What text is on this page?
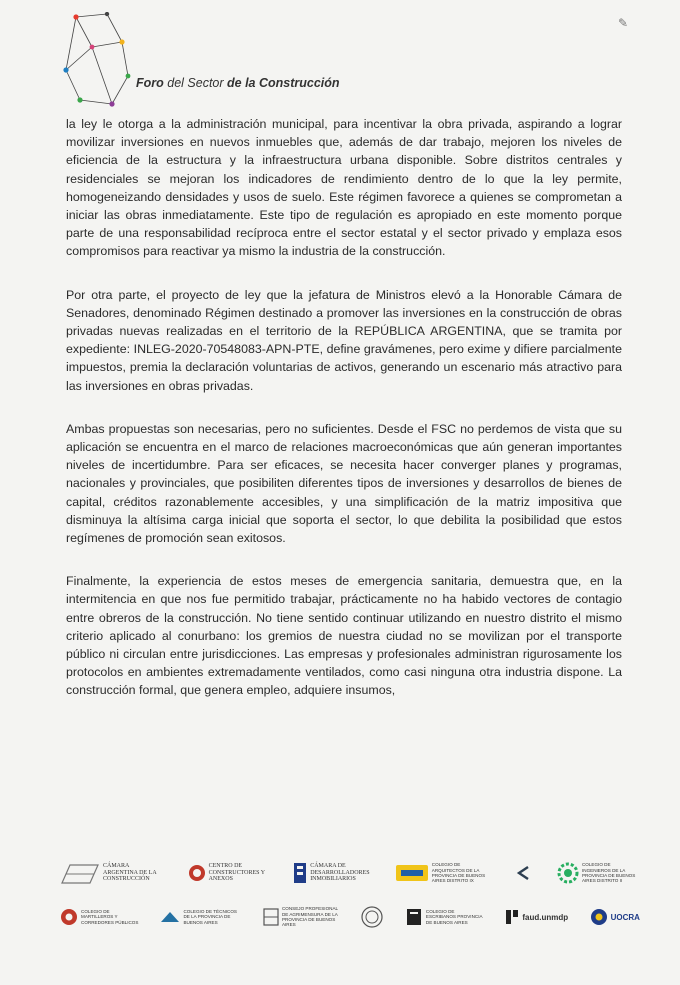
Foro del Sector de la Construcción
✎

la ley le otorga a la administración municipal, para incentivar la obra privada, aspirando a lograr movilizar inversiones en nuevos inmuebles que, además de dar trabajo, mejoren los niveles de eficiencia de la estructura y la infraestructura urbana disponible. Sobre distritos centrales y residenciales se mejoran los indicadores de rendimiento dentro de lo que la ley permite, homogeneizando densidades y usos de suelo. Este régimen favorece a quienes se comprometan a iniciar las obras inmediatamente. Este tipo de regulación es apropiado en este momento porque parte de una responsabilidad recíproca entre el sector estatal y el sector privado y emplaza esos compromisos para reactivar ya mismo la industria de la construcción.

Por otra parte, el proyecto de ley que la jefatura de Ministros elevó a la Honorable Cámara de Senadores, denominado Régimen destinado a promover las inversiones en la construcción de obras privadas nuevas realizadas en el territorio de la REPÚBLICA ARGENTINA, que se tramita por expediente: INLEG-2020-70548083-APN-PTE, define gravámenes, pero exime y difiere parcialmente impuestos, premia la declaración voluntarias de activos, generando un escenario más atractivo para las inversiones en obras privadas.

Ambas propuestas son necesarias, pero no suficientes. Desde el FSC no perdemos de vista que su aplicación se encuentra en el marco de relaciones macroeconómicas que aún generan importantes niveles de incertidumbre. Para ser eficaces, se necesita hacer converger planes y programas, nacionales y provinciales, que posibiliten diferentes tipos de inversiones y desarrollos de bienes de capital, créditos razonablemente accesibles, y una simplificación de la matriz impositiva que disminuya la altísima carga inicial que soporta el sector, lo que debilita la posibilidad que estos regímenes de promoción sean exitosos.

Finalmente, la experiencia de estos meses de emergencia sanitaria, demuestra que, en la intermitencia en que nos fue permitido trabajar, prácticamente no ha habido vectores de contagio entre obreros de la construcción. No tiene sentido continuar utilizando en nuestro distrito el mismo criterio aplicado al conurbano: los gremios de nuestra ciudad no se movilizan por el transporte público ni circulan entre jurisdicciones. Las empresas y profesionales administran rigurosamente los protocolos en ambientes extremadamente ventilados, como casi ninguna otra industria dispone. La construcción formal, que genera empleo, adquiere insumos,

CÁMARA ARGENTINA DE LA CONSTRUCCIÓN
CENTRO DE CONSTRUCTORES Y ANEXOS
CÁMARA DE DESARROLLADORES INMOBILIARIOS
COLEGIO DE ARQUITECTOS DE LA PROVINCIA DE BUENOS AIRES DISTRITO IX
COLEGIO DE INGENIEROS DE LA PROVINCIA DE BUENOS AIRES DISTRITO II
COLEGIO DE MARTILLEROS Y CORREDORES PÚBLICOS
COLEGIO DE TÉCNICOS DE LA PROVINCIA DE BUENOS AIRES
CONSEJO PROFESIONAL DE AGRIMENSURA DE LA PROVINCIA DE BUENOS AIRES
COLEGIO DE ESCRIBANOS PROVINCIA DE BUENOS AIRES
faud.unmdp	UOCRA
